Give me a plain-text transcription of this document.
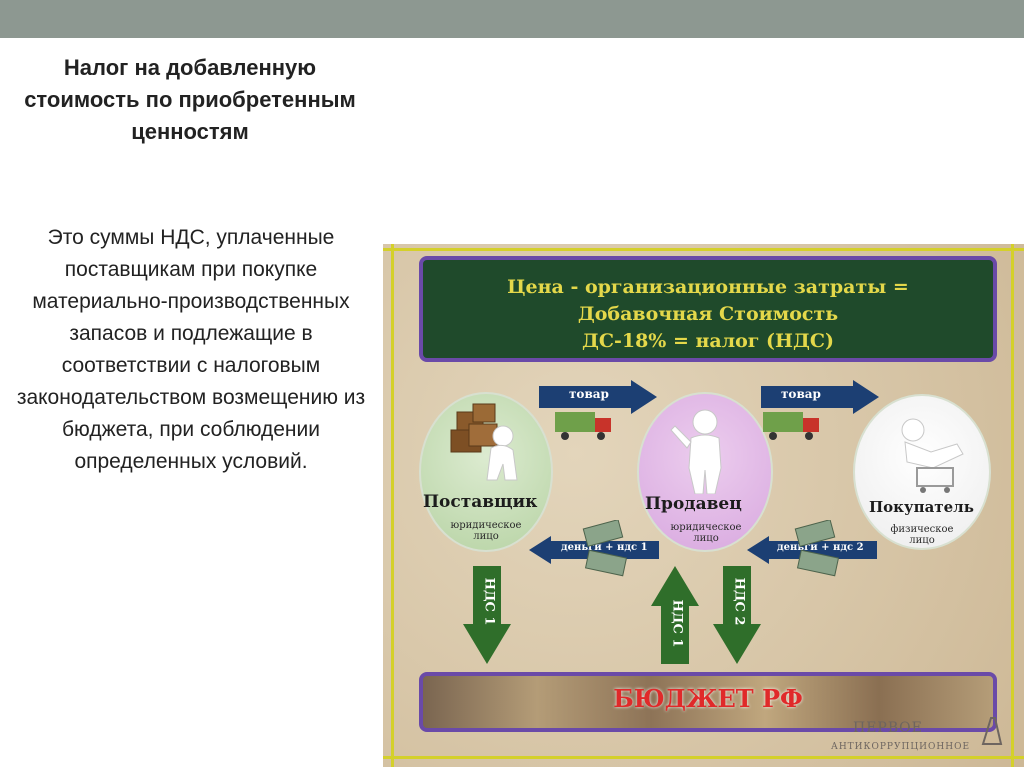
Налог на добавленную стоимость по приобретенным ценностям
Это суммы НДС, уплаченные поставщикам при покупке материально-производственных запасов и подлежащие в соответствии с налоговым законодательством возмещению из бюджета, при соблюдении определенных условий.
Цена - организационные затраты =
Добавочная Стоимость
ДС-18% = налог (НДС)
Поставщик
юридическое лицо
Продавец
юридическое лицо
Покупатель
физическое лицо
товар	товар
деньги + ндс 1	деньги + ндс 2
НДС 1	НДС 1	НДС 2
БЮДЖЕТ РФ
ПЕРВОЕ
АНТИКОРРУПЦИОННОЕ
